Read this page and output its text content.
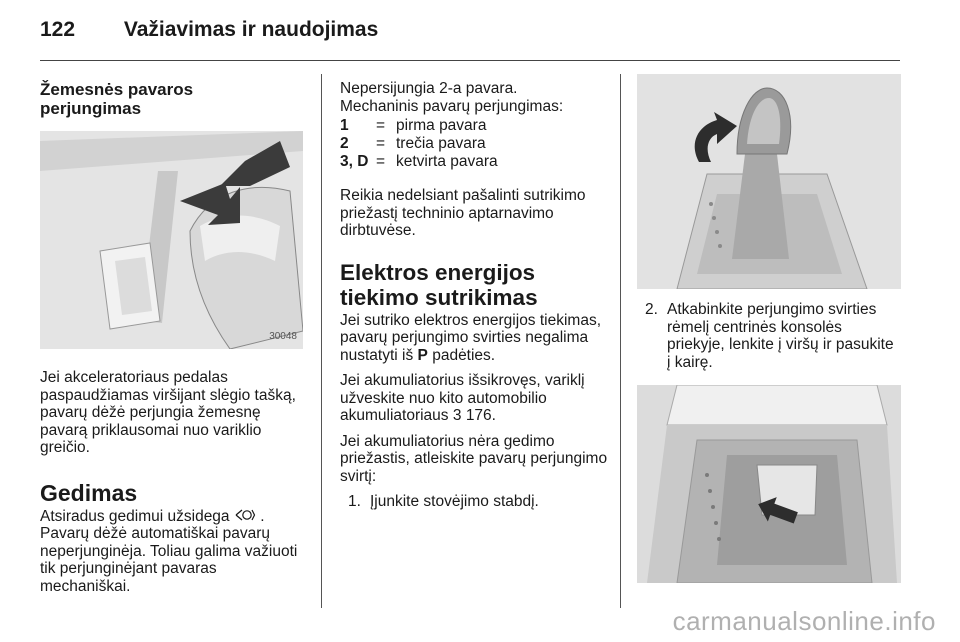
122 Važiavimas ir naudojimas
Žemesnės pavaros perjungimas
30048

Jei akceleratoriaus pedalas paspaudžiamas viršijant slėgio tašką, pavarų dėžė perjungia žemesnę pavarą priklausomai nuo variklio greičio.

Gedimas

Atsiradus gedimui užsidega . Pavarų dėžė automatiškai pavarų neperjunginėja. Toliau galima važiuoti tik perjunginėjant pavaras mechaniškai.

Nepersijungia 2-a pavara.
Mechaninis pavarų perjungimas:
1	= pirma pavara
2	= trečia pavara
3, D = ketvirta pavara

Reikia nedelsiant pašalinti sutrikimo priežastį techninio aptarnavimo dirbtuvėse.

Elektros energijos tiekimo sutrikimas

Jei sutriko elektros energijos tiekimas, pavarų perjungimo svirties negalima nustatyti iš P padėties.

Jei akumuliatorius išsikrovęs, variklį užveskite nuo kito automobilio akumuliatoriaus 3 176.

Jei akumuliatorius nėra gedimo priežastis, atleiskite pavarų perjungimo svirtį:

1. Įjunkite stovėjimo stabdį.
2. Atkabinkite perjungimo svirties rėmelį centrinės konsolės priekyje, lenkite į viršų ir pasukite į kairę.
carmanualsonline.info
